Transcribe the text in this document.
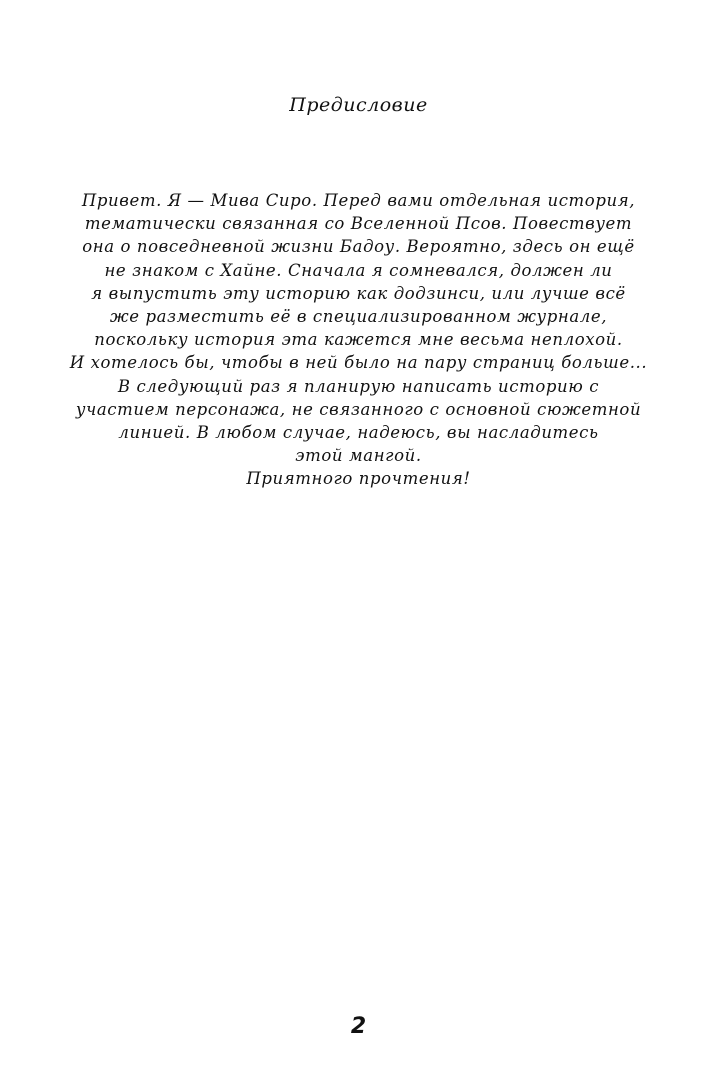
Предисловие
Привет. Я — Мива Сиро. Перед вами отдельная история,
тематически связанная со Вселенной Псов. Повествует
она о повседневной жизни Бадоу. Вероятно, здесь он ещё
не знаком с Хайне. Сначала я сомневался, должен ли
я выпустить эту историю как додзинси, или лучше всё
же разместить её в специализированном журнале,
поскольку история эта кажется мне весьма неплохой.
И хотелось бы, чтобы в ней было на пару страниц больше...
В следующий раз я планирую написать историю с
участием персонажа, не связанного с основной сюжетной
линией. В любом случае, надеюсь, вы насладитесь
этой мангой.
Приятного прочтения!
2
